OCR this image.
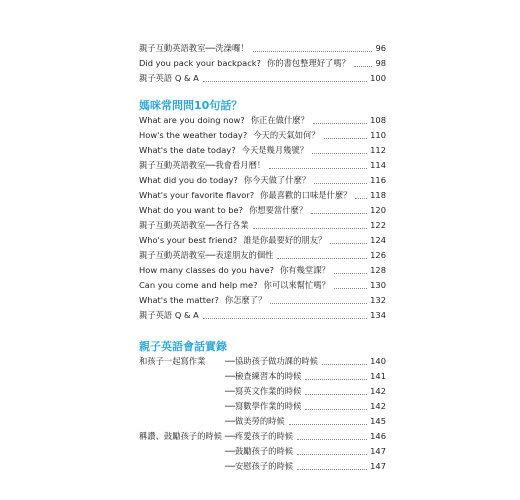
親子互動英語教室──洗澡囉！	96
Did you pack your backpack? 你的書包整理好了嗎？	98
親子英語 Q & A	100
媽咪常問問10句話？
What are you doing now? 你正在做什麼？	108
How's the weather today? 今天的天氣如何？	110
What's the date today? 今天是幾月幾號？	112
親子互動英語教室──我會看月曆！	114
What did you do today? 你今天做了什麼？	116
What's your favorite flavor? 你最喜歡的口味是什麼？ 118
What do you want to be? 你想要當什麼？	120
親子互動英語教室──各行各業	122
Who's your best friend? 誰是你最要好的朋友？	124
親子互動英語教室──表達朋友的個性	126
How many classes do you have? 你有幾堂課？	128
Can you come and help me? 你可以來幫忙嗎？	130
What's the matter? 你怎麼了？	132
親子英語 Q & A	134
親子英語會話實錄
和孩子一起寫作業	──協助孩子做功課的時候	140
──檢查練習本的時候	141
──寫英文作業的時候	142
──寫數學作業的時候	142
──做美勞的時候	145
稱讚、鼓勵孩子的時候 ──疼愛孩子的時候	146
──鼓勵孩子的時候	147
──安慰孩子的時候	147
